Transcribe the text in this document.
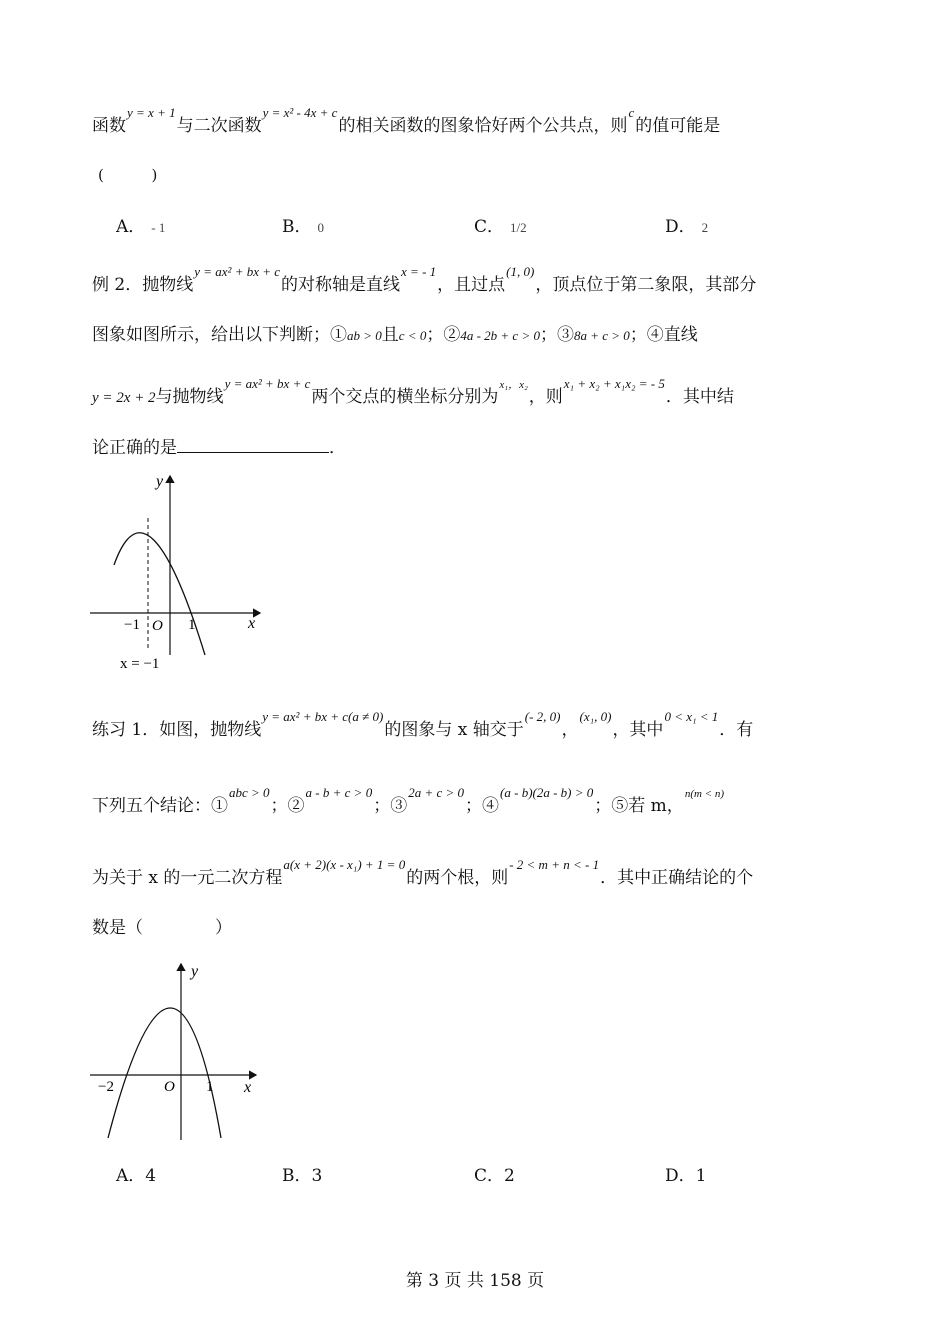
函数$^{y = x + 1}$与二次函数$^{y = x^2 - 4x + c}$的相关函数的图象恰好两个公共点，则$^c$的值可能是
(          )
A． - 1	B． 0	C． 1/2	D． 2
例 2．抛物线$^{y = ax^2 + bx + c}$的对称轴是直线$^{x = - 1}$，且过点$^{(1, 0)}$，顶点位于第二象限，其部分
图象如图所示，给出以下判断；①ab > 0且c < 0；②4a - 2b + c > 0；③8a + c > 0；④直线
y = 2x + 2与抛物线$^{y = ax^2 + bx + c}$两个交点的横坐标分别为$^{x_1,x_2}$，则$^{x_1 + x_2 + x_1x_2 = - 5}$．其中结
论正确的是	．
y
x
O
−1	1
x = −1
练习 1．如图，抛物线$^{y = ax^2 + bx + c(a \ne 0)}$的图象与 x 轴交于$^{(- 2, 0)}$，$^{(x_1, 0)}$，其中$^{0 < x_1 < 1}$．有
下列五个结论：①$^{abc > 0}$；②$^{a - b + c > 0}$；③$^{2a + c > 0}$；④$^{(a - b)(2a - b) > 0}$；⑤若 m，$^{n(m < n)}$
为关于 x 的一元二次方程$^{a(x + 2)(x - x_1) + 1 = 0}$的两个根，则$^{- 2 < m + n < - 1}$．其中正确结论的个
数是（	）
y
x
O
−2	1
A．4	B．3	C．2	D．1
第 3 页 共 158 页
